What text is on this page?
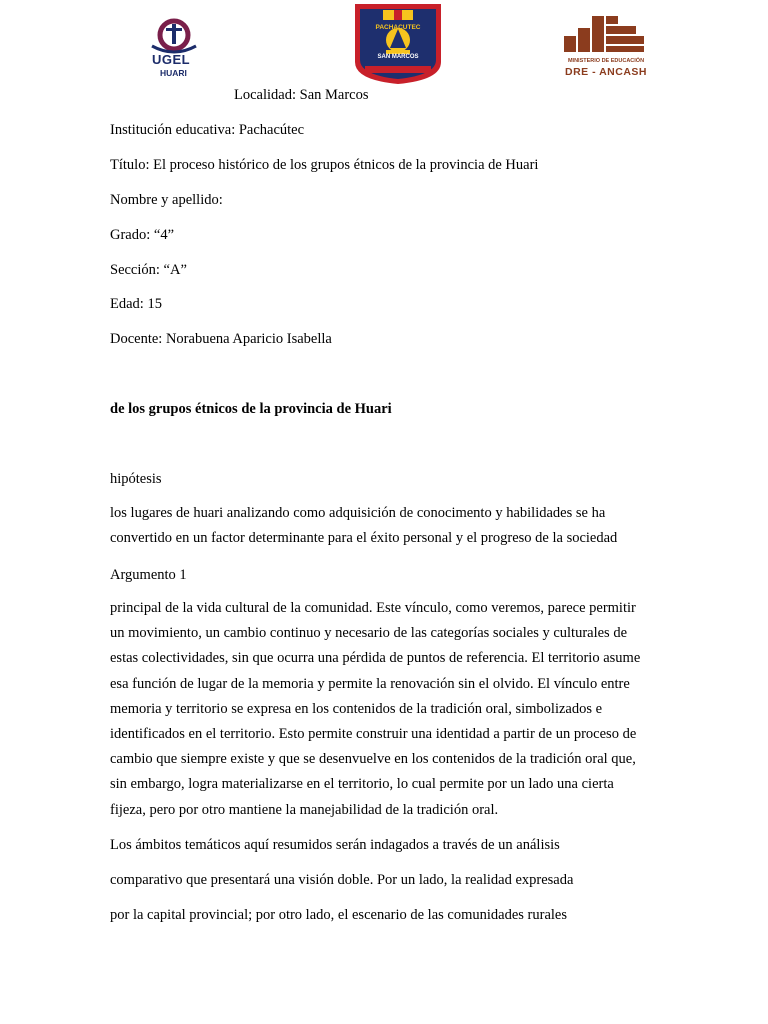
UGEL
HUARI
PACHACUTEC
SAN MARCOS
MINISTERIO DE EDUCACIÓN
DRE - ANCASH
Localidad: San Marcos
Institución educativa: Pachacútec
Título: El proceso histórico de los grupos étnicos de la provincia de Huari
Nombre y apellido:
Grado: “4”
Sección: “A”
Edad: 15
Docente: Norabuena Aparicio Isabella
de los grupos étnicos de la provincia de Huari
hipótesis
los lugares de huari analizando como adquisición de conocimento y habilidades se ha
convertido en un factor determinante para el éxito personal y el progreso de la sociedad
Argumento 1
principal de la vida cultural de la comunidad. Este vínculo, como veremos, parece permitir
un movimiento, un cambio continuo y necesario de las categorías sociales y culturales de
estas colectividades, sin que ocurra una pérdida de puntos de referencia. El territorio asume
esa función de lugar de la memoria y permite la renovación sin el olvido. El vínculo entre
memoria y territorio se expresa en los contenidos de la tradición oral, simbolizados e
identificados en el territorio. Esto permite construir una identidad a partir de un proceso de
cambio que siempre existe y que se desenvuelve en los contenidos de la tradición oral que,
sin embargo, logra materializarse en el territorio, lo cual permite por un lado una cierta
fijeza, pero por otro mantiene la manejabilidad de la tradición oral.
Los ámbitos temáticos aquí resumidos serán indagados a través de un análisis
comparativo que presentará una visión doble. Por un lado, la realidad expresada
por la capital provincial; por otro lado, el escenario de las comunidades rurales
